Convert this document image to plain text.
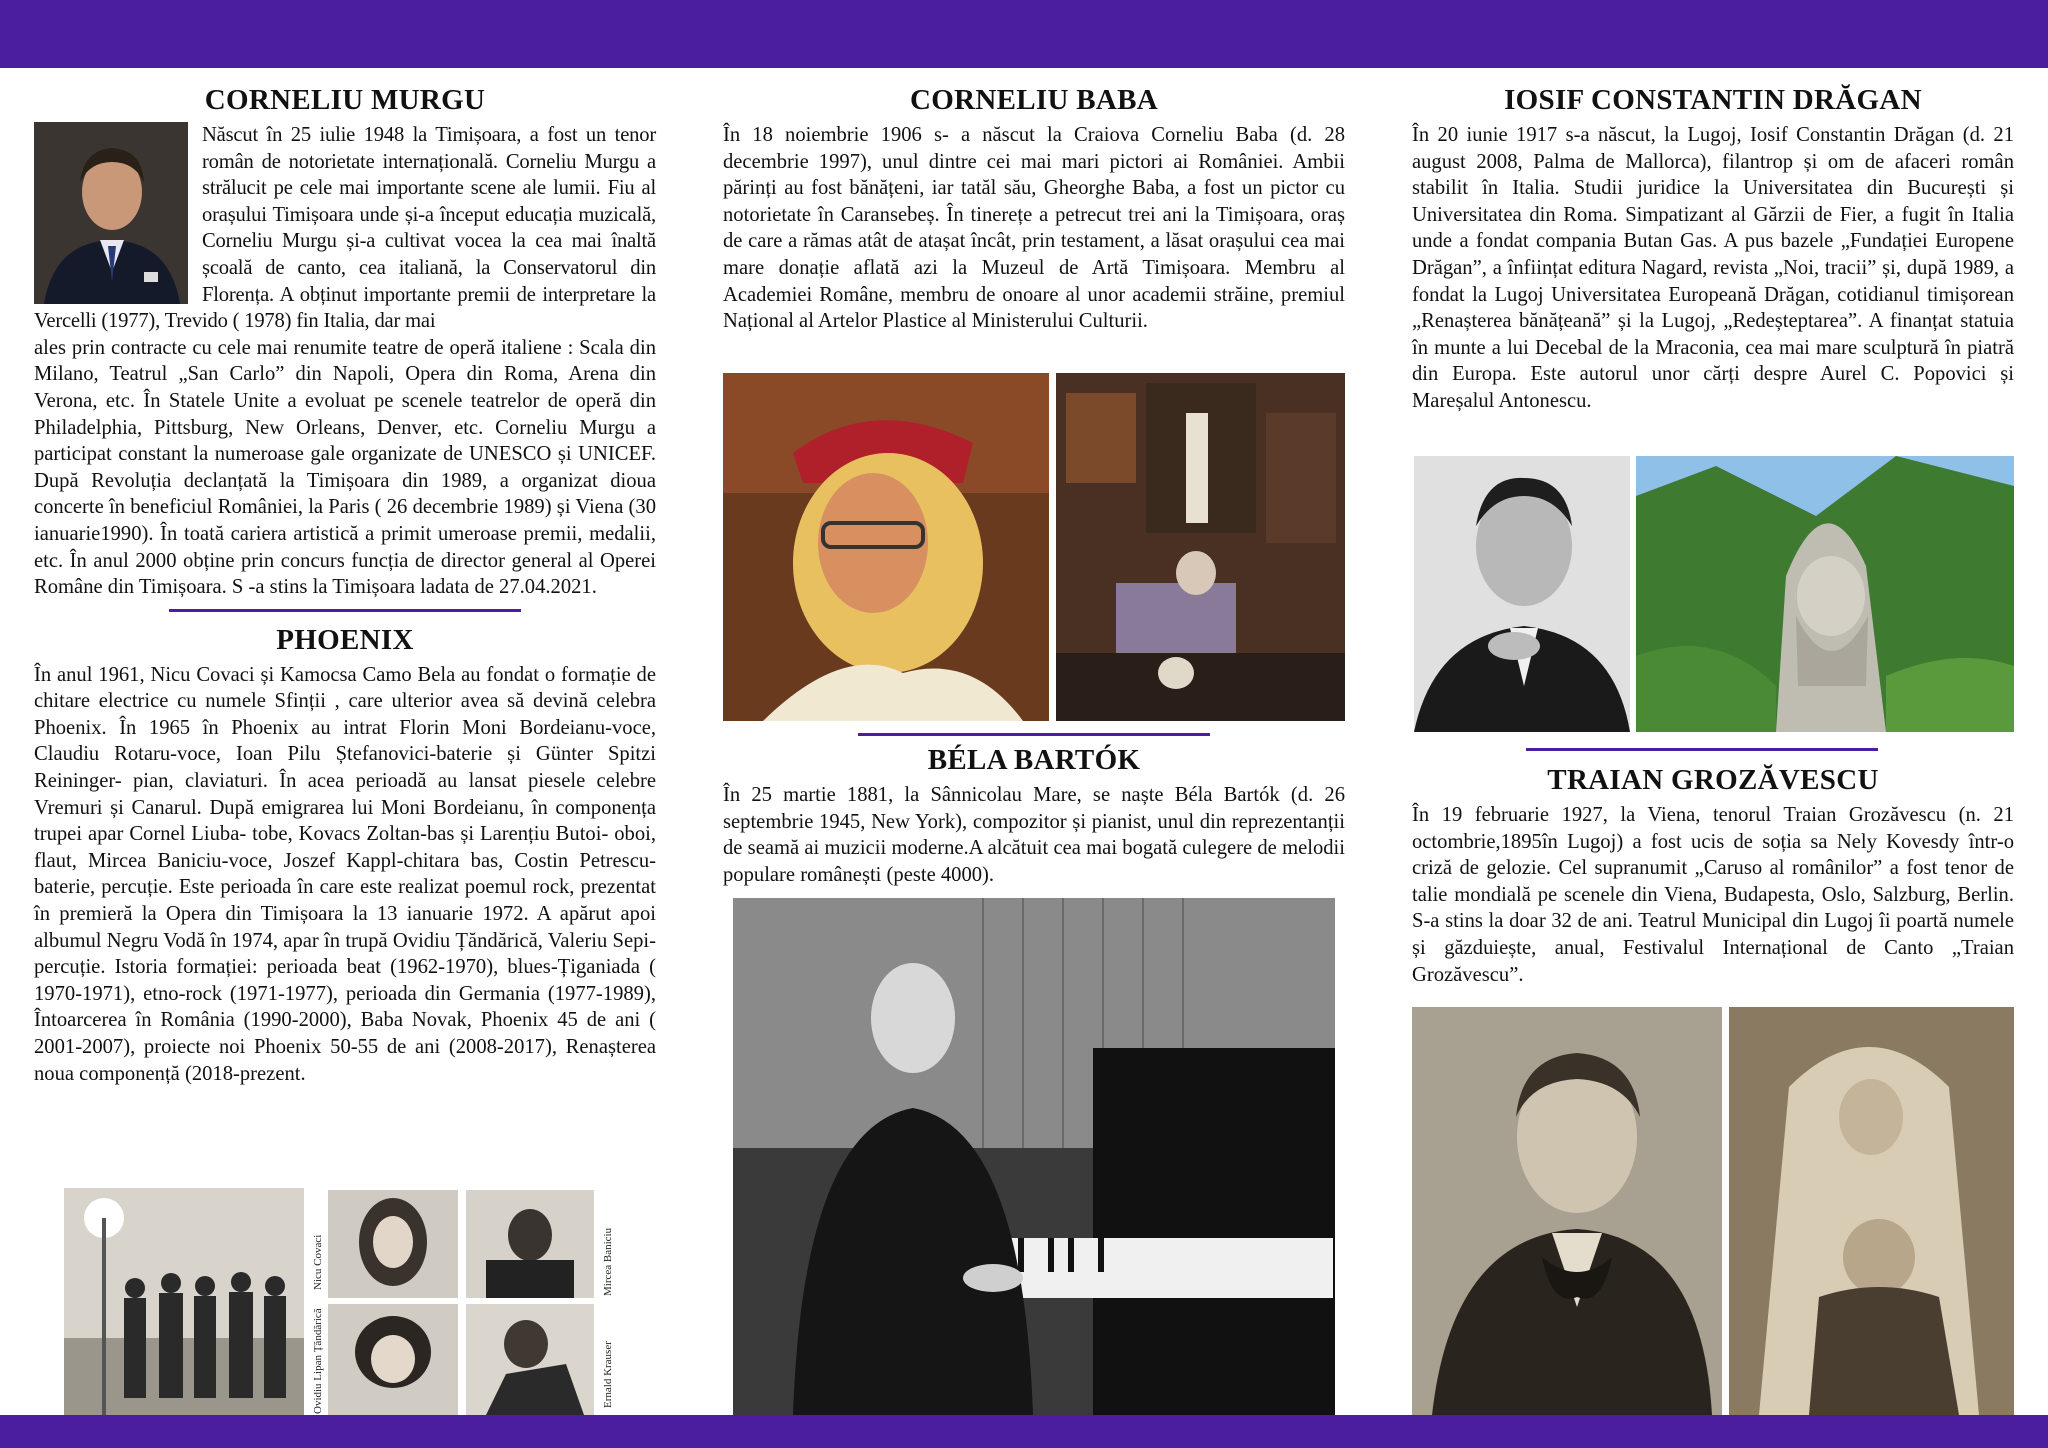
CORNELIU MURGU

Născut în 25 iulie 1948 la Timișoara, a fost un tenor român de notorietate internațională. Corneliu Murgu a strălucit pe cele mai importante scene ale lumii. Fiu al orașului Timișoara unde și-a început educația muzicală, Corneliu Murgu și-a cultivat vocea la cea mai înaltă școală de canto, cea italiană, la Conservatorul din Florența. A obținut importante premii de interpretare la Vercelli (1977), Trevido ( 1978) fin Italia, dar mai

ales prin contracte cu cele mai renumite teatre de operă italiene : Scala din Milano, Teatrul „San Carlo” din Napoli, Opera din Roma, Arena din Verona, etc. În Statele Unite a evoluat pe scenele teatrelor de operă din Philadelphia, Pittsburg, New Orleans, Denver, etc. Corneliu Murgu a participat constant la numeroase gale organizate de UNESCO și UNICEF. După Revoluția declanțată la Timișoara din 1989, a organizat dioua concerte în beneficiul României, la Paris ( 26 decembrie 1989) și Viena (30 ianuarie1990). În toată cariera artistică a primit umeroase premii, medalii, etc. În anul 2000 obține prin concurs funcția de director general al Operei Române din Timișoara. S -a stins la Timișoara ladata de 27.04.2021.

PHOENIX

În anul 1961, Nicu Covaci și Kamocsa Camo Bela au fondat o formație de chitare electrice cu numele Sfinții , care ulterior avea să devină celebra Phoenix. În 1965 în Phoenix au intrat Florin Moni Bordeianu-voce, Claudiu Rotaru-voce, Ioan Pilu Ștefanovici-baterie și Günter Spitzi Reininger- pian, claviaturi. În acea perioadă au lansat piesele celebre Vremuri și Canarul. După emigrarea lui Moni Bordeianu, în componența trupei apar Cornel Liuba- tobe, Kovacs Zoltan-bas și Larențiu Butoi- oboi, flaut, Mircea Baniciu-voce, Joszef Kappl-chitara bas, Costin Petrescu- baterie, percuție. Este perioada în care este realizat poemul rock, prezentat în premieră la Opera din Timișoara la 13 ianuarie 1972. A apărut apoi albumul Negru Vodă în 1974, apar în trupă Ovidiu Țăndărică, Valeriu Sepi- percuție. Istoria formației: perioada beat (1962-1970), blues-Țiganiada ( 1970-1971), etno-rock (1971-1977), perioada din Germania (1977-1989), Întoarcerea în România (1990-2000), Baba Novak, Phoenix 45 de ani ( 2001-2007), proiecte noi Phoenix 50-55 de ani (2008-2017), Renașterea noua componență (2018-prezent.

Nicu Covaci	Mircea Baniciu
Ovidiu Lipan Țăndărică	Ernald Krauser
CORNELIU BABA

În 18 noiembrie 1906 s- a născut la Craiova Corneliu Baba (d. 28 decembrie 1997), unul dintre cei mai mari pictori ai României. Ambii părinți au fost bănățeni, iar tatăl său, Gheorghe Baba, a fost un pictor cu notorietate în Caransebeș. În tinerețe a petrecut trei ani la Timișoara, oraș de care a rămas atât de atașat încât, prin testament, a lăsat orașului cea mai mare donație aflată azi la Muzeul de Artă Timișoara. Membru al Academiei Române, membru de onoare al unor academii străine, premiul Național al Artelor Plastice al Ministerului Culturii.

BÉLA BARTÓK

În 25 martie 1881, la Sânnicolau Mare, se naște Béla Bartók (d. 26 septembrie 1945, New York), compozitor și pianist, unul din reprezentanții de seamă ai muzicii moderne.A alcătuit cea mai bogată culegere de melodii populare românești (peste 4000).

IOSIF CONSTANTIN DRĂGAN

În 20 iunie 1917 s-a născut, la Lugoj, Iosif Constantin Drăgan (d. 21 august 2008, Palma de Mallorca), filantrop și om de afaceri român stabilit în Italia. Studii juridice la Universitatea din București și Universitatea din Roma. Simpatizant al Gărzii de Fier, a fugit în Italia unde a fondat compania Butan Gas. A pus bazele „Fundației Europene Drăgan”, a înființat editura Nagard, revista „Noi, tracii” și, după 1989, a fondat la Lugoj Universitatea Europeană Drăgan, cotidianul timișorean „Renașterea bănățeană” și la Lugoj, „Redeșteptarea”. A finanțat statuia în munte a lui Decebal de la Mraconia, cea mai mare sculptură în piatră din Europa. Este autorul unor cărți despre Aurel C. Popovici și Mareșalul Antonescu.

TRAIAN GROZĂVESCU

În 19 februarie 1927, la Viena, tenorul Traian Grozăvescu (n. 21 octombrie,1895în Lugoj) a fost ucis de soția sa Nely Kovesdy într-o criză de gelozie. Cel supranumit „Caruso al românilor” a fost tenor de talie mondială pe scenele din Viena, Budapesta, Oslo, Salzburg, Berlin. S-a stins la doar 32 de ani. Teatrul Municipal din Lugoj îi poartă numele și găzduiește, anual, Festivalul Internațional de Canto „Traian Grozăvescu”.
